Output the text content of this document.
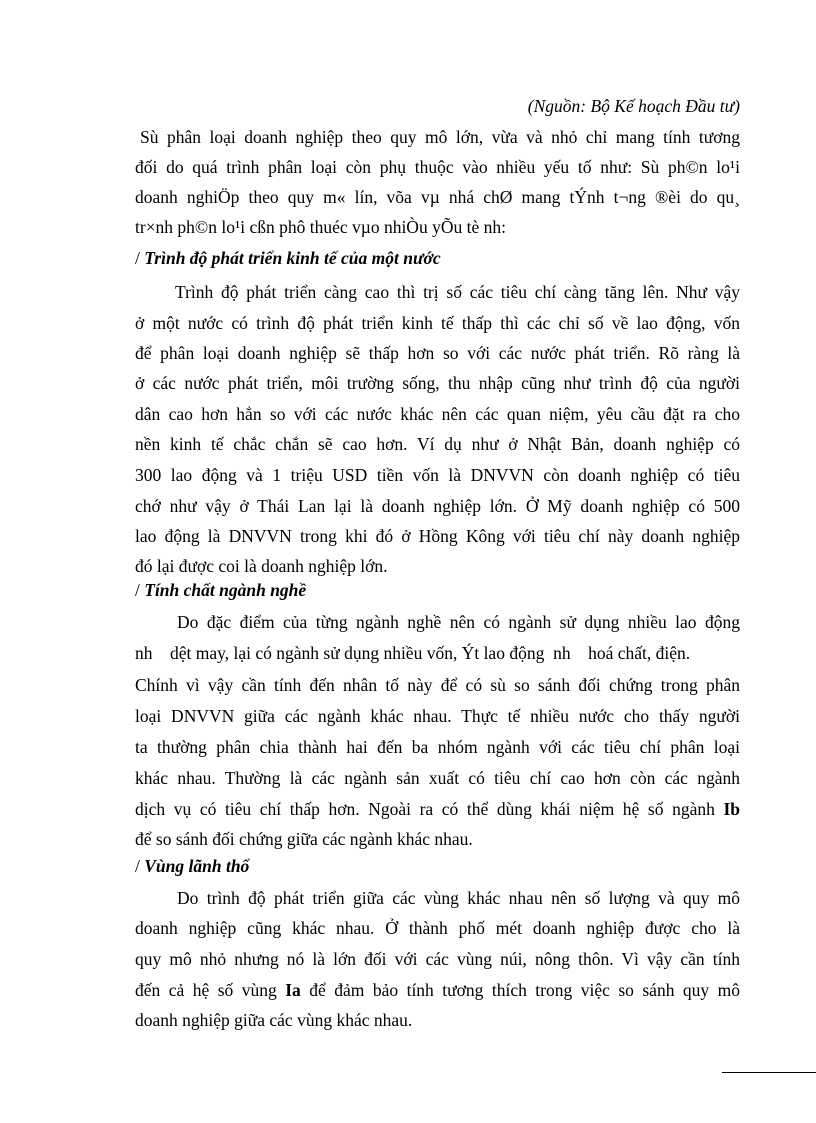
(Nguồn: Bộ Kế hoạch Đầu tư)
Sù phân loại doanh nghiệp theo quy mô lớn, vừa và nhỏ chỉ mang tính tương
đối do quá trình phân loại còn phụ thuộc vào nhiều yếu tố như: Sù ph©n lo¹i
doanh nghiÖp theo quy m« lín, võa vµ nhá chØ mang tÝnh t¬ng ®èi do qu¸
tr×nh ph©n lo¹i cßn phô thuéc vµo nhiÒu yÕu tè nh:
/ Trình độ phát triển kinh tế của một nước
Trình độ phát triển càng cao thì trị số các tiêu chí càng tăng lên. Như vậy
ở một nước có trình độ phát triển kinh tế thấp thì các chỉ số về lao động, vốn
để phân loại doanh nghiệp sẽ thấp hơn so với các nước phát triển. Rõ ràng là
ở các nước phát triển, môi trường sống, thu nhập cũng như trình độ của người
dân cao hơn hẳn so với các nước khác nên các quan niệm, yêu cầu đặt ra cho
nền kinh tế chắc chắn sẽ cao hơn. Ví dụ như ở Nhật Bản, doanh nghiệp có
300 lao động và 1 triệu USD tiền vốn là DNVVN còn doanh nghiệp có tiêu
chớ như vậy ở Thái Lan lại là doanh nghiệp lớn. Ở Mỹ doanh nghiệp có 500
lao động là DNVVN trong khi đó ở Hồng Kông với tiêu chí này doanh nghiệp
đó lại được coi là doanh nghiệp lớn.
/ Tính chất ngành nghề
Do đặc điểm của từng ngành nghề nên có ngành sử dụng nhiều lao động
nh dệt may, lại có ngành sử dụng nhiều vốn, Ýt lao động nh hoá chất, điện.
Chính vì vậy cần tính đến nhân tố này để có sù so sánh đối chứng trong phân
loại DNVVN giữa các ngành khác nhau. Thực tế nhiều nước cho thấy người
ta thường phân chia thành hai đến ba nhóm ngành với các tiêu chí phân loại
khác nhau. Thường là các ngành sản xuất có tiêu chí cao hơn còn các ngành
dịch vụ có tiêu chí thấp hơn. Ngoài ra có thể dùng khái niệm hệ số ngành Ib
để so sánh đối chứng giữa các ngành khác nhau.
/ Vùng lãnh thổ
Do trình độ phát triển giữa các vùng khác nhau nên số lượng và quy mô
doanh nghiệp cũng khác nhau. Ở thành phố mét doanh nghiệp được cho là
quy mô nhỏ nhưng nó là lớn đối với các vùng núi, nông thôn. Vì vậy cần tính
đến cả hệ số vùng Ia để đảm bảo tính tương thích trong việc so sánh quy mô
doanh nghiệp giữa các vùng khác nhau.
